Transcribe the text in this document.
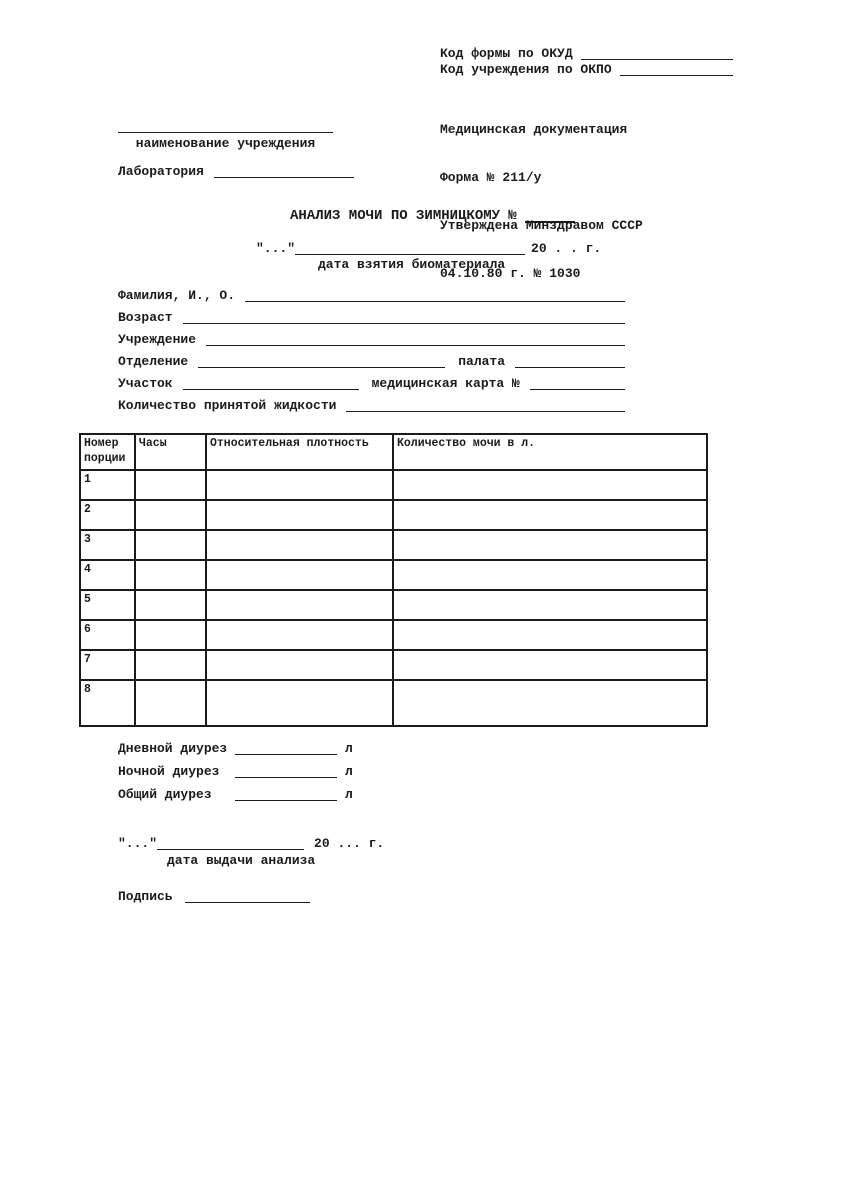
Код формы по ОКУД
Код учреждения по ОКПО

Медицинская документация

Форма № 211/у

Утверждена Минздравом СССР

04.10.80 г. № 1030

наименование учреждения
Лаборатория
АНАЛИЗ МОЧИ ПО ЗИМНИЦКОМУ №
"..."	20 . . г.
дата взятия биоматериала
Фамилия, И., О.
Возраст
Учреждение
Отделение	палата
Участок	медицинская карта №
Количество принятой жидкости
Номер порции	Часы	Относительная плотность	Количество мочи в л.
1			
2			
3			
4			
5			
6			
7			
8			
Дневной диурез	л
Ночной диурез	л
Общий диурез	л
"..."	20 ... г.
дата выдачи анализа
Подпись
